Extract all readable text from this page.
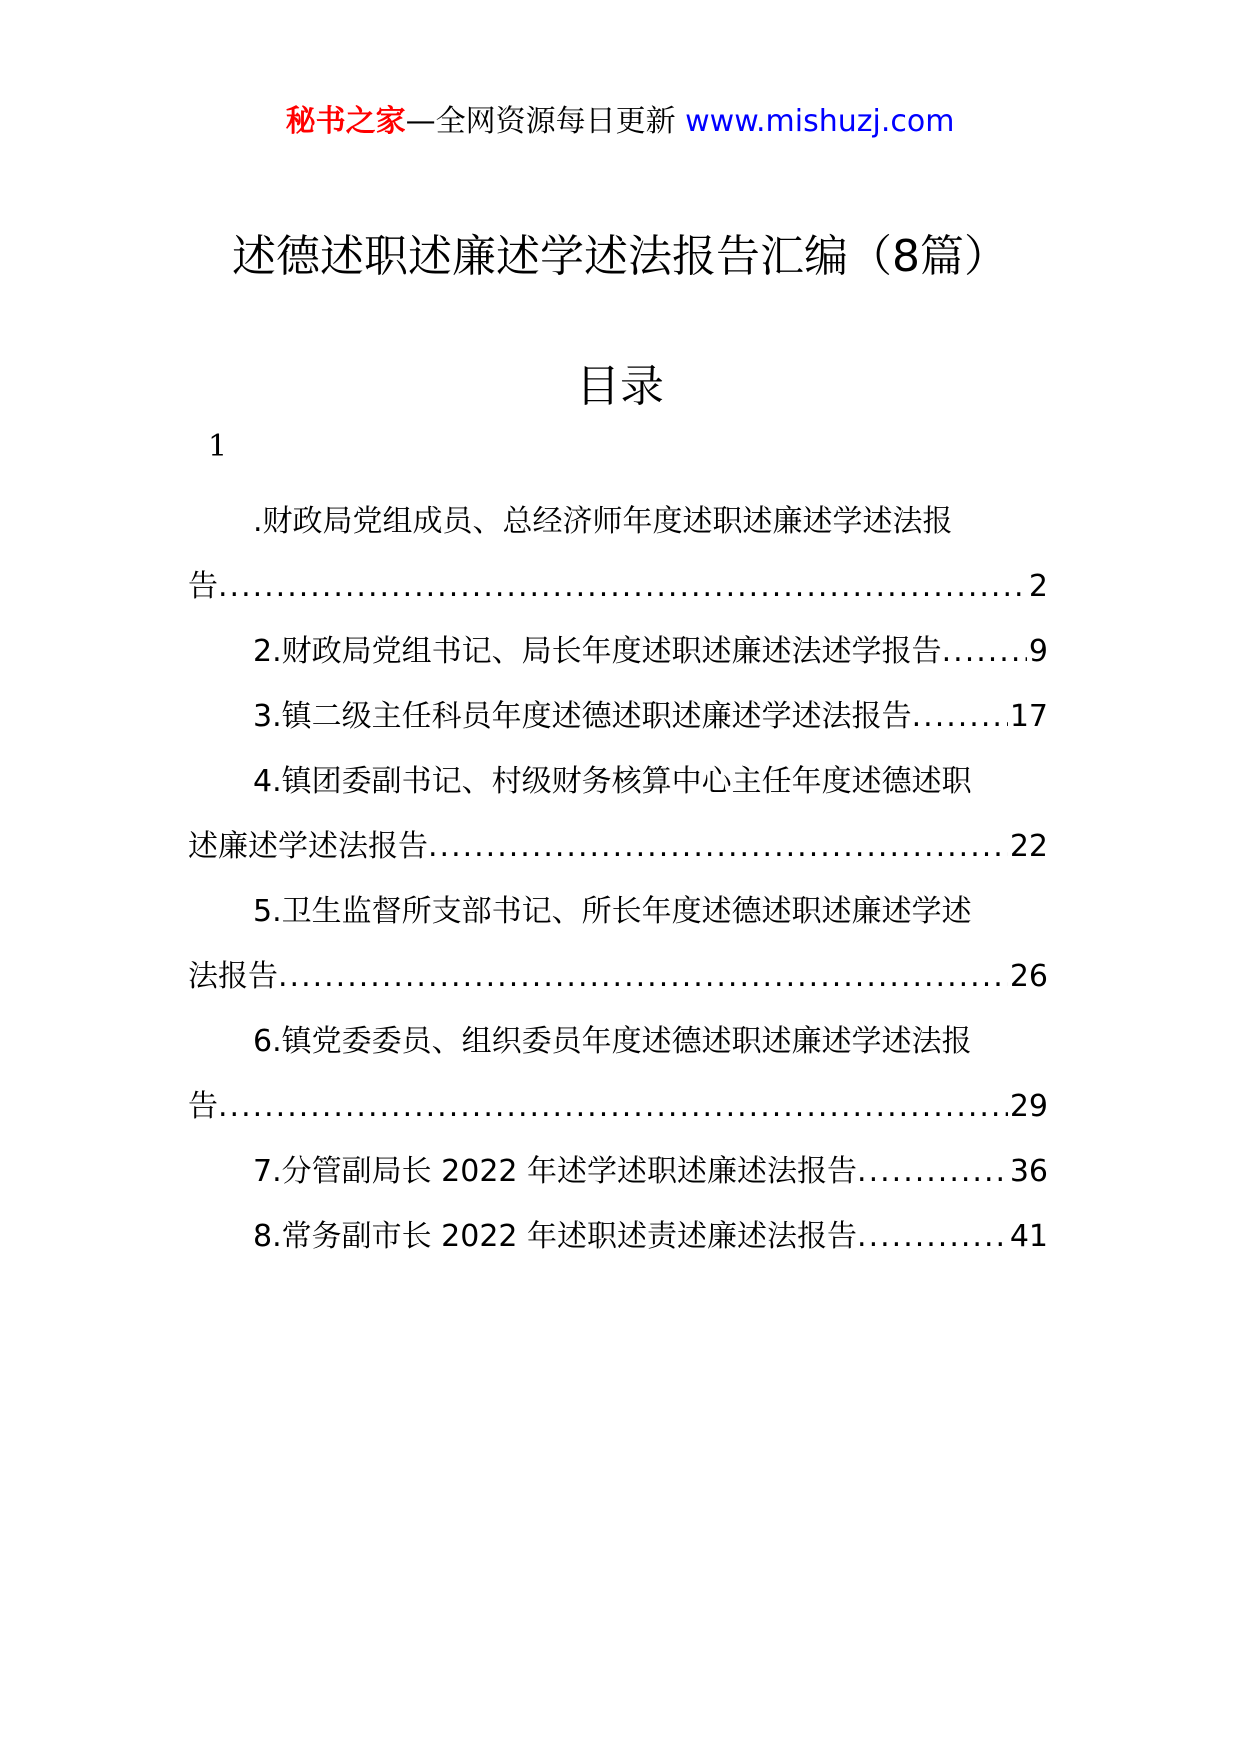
秘书之家—全网资源每日更新 www.mishuzj.com
述德述职述廉述学述法报告汇编（8篇）
目录
1
.财政局党组成员、总经济师年度述职述廉述学述法报
告 .....	2
2.财政局党组书记、局长年度述职述廉述法述学报告 .....	9
3.镇二级主任科员年度述德述职述廉述学述法报告 .....	17
4.镇团委副书记、村级财务核算中心主任年度述德述职
述廉述学述法报告 .....	22
5.卫生监督所支部书记、所长年度述德述职述廉述学述
法报告 .....	26
6.镇党委委员、组织委员年度述德述职述廉述学述法报
告 .....	29
7.分管副局长 2022 年述学述职述廉述法报告 .....	36
8.常务副市长 2022 年述职述责述廉述法报告 .....	41
